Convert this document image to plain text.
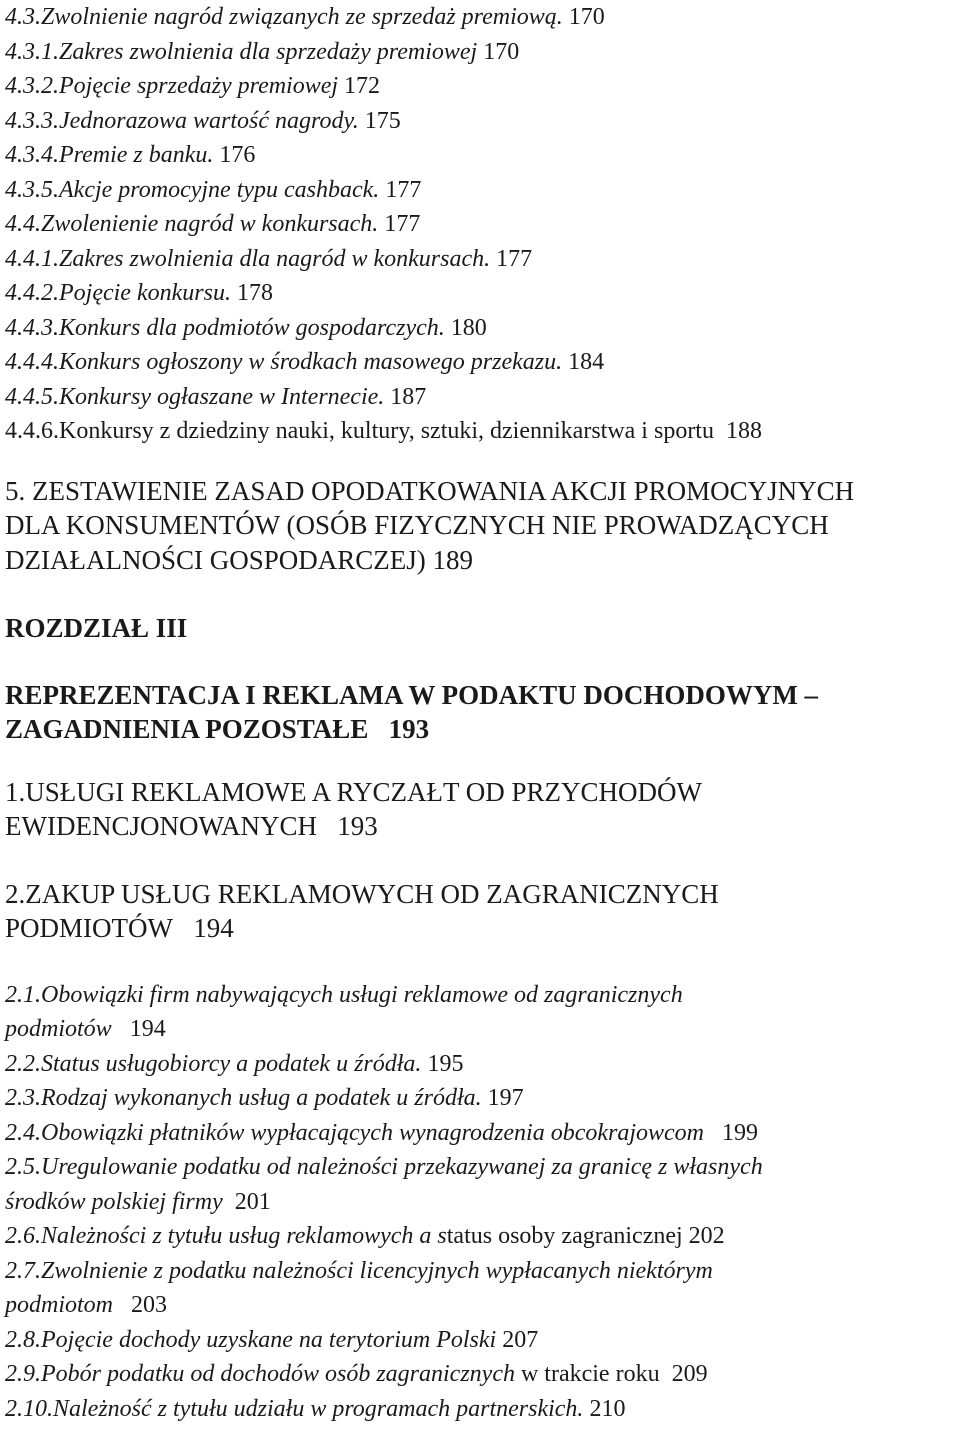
4.3.Zwolnienie nagród związanych ze sprzedaż premiową. 170
4.3.1.Zakres zwolnienia dla sprzedaży premiowej 170
4.3.2.Pojęcie sprzedaży premiowej 172
4.3.3.Jednorazowa wartość nagrody. 175
4.3.4.Premie z banku. 176
4.3.5.Akcje promocyjne typu cashback. 177
4.4.Zwolenienie nagród w konkursach. 177
4.4.1.Zakres zwolnienia dla nagród w konkursach. 177
4.4.2.Pojęcie konkursu. 178
4.4.3.Konkurs dla podmiotów gospodarczych. 180
4.4.4.Konkurs ogłoszony w środkach masowego przekazu. 184
4.4.5.Konkursy ogłaszane w Internecie. 187
4.4.6.Konkursy z dziedziny nauki, kultury, sztuki, dziennikarstwa i sportu 188
5. ZESTAWIENIE ZASAD OPODATKOWANIA AKCJI PROMOCYJNYCH
DLA KONSUMENTÓW (OSÓB FIZYCZNYCH NIE PROWADZĄCYCH
DZIAŁALNOŚCI GOSPODARCZEJ) 189
ROZDZIAŁ III
REPREZENTACJA I REKLAMA W PODAKTU DOCHODOWYM –
ZAGADNIENIA POZOSTAŁE 193
1.USŁUGI REKLAMOWE A RYCZAŁT OD PRZYCHODÓW
EWIDENCJONOWANYCH 193
2.ZAKUP USŁUG REKLAMOWYCH OD ZAGRANICZNYCH
PODMIOTÓW 194
2.1.Obowiązki firm nabywających usługi reklamowe od zagranicznych
podmiotów 194
2.2.Status usługobiorcy a podatek u źródła. 195
2.3.Rodzaj wykonanych usług a podatek u źródła. 197
2.4.Obowiązki płatników wypłacających wynagrodzenia obcokrajowcom 199
2.5.Uregulowanie podatku od należności przekazywanej za granicę z własnych
środków polskiej firmy 201
2.6.Należności z tytułu usług reklamowych a status osoby zagranicznej 202
2.7.Zwolnienie z podatku należności licencyjnych wypłacanych niektórym
podmiotom 203
2.8.Pojęcie dochody uzyskane na terytorium Polski 207
2.9.Pobór podatku od dochodów osób zagranicznych w trakcie roku 209
2.10.Należność z tytułu udziału w programach partnerskich. 210
